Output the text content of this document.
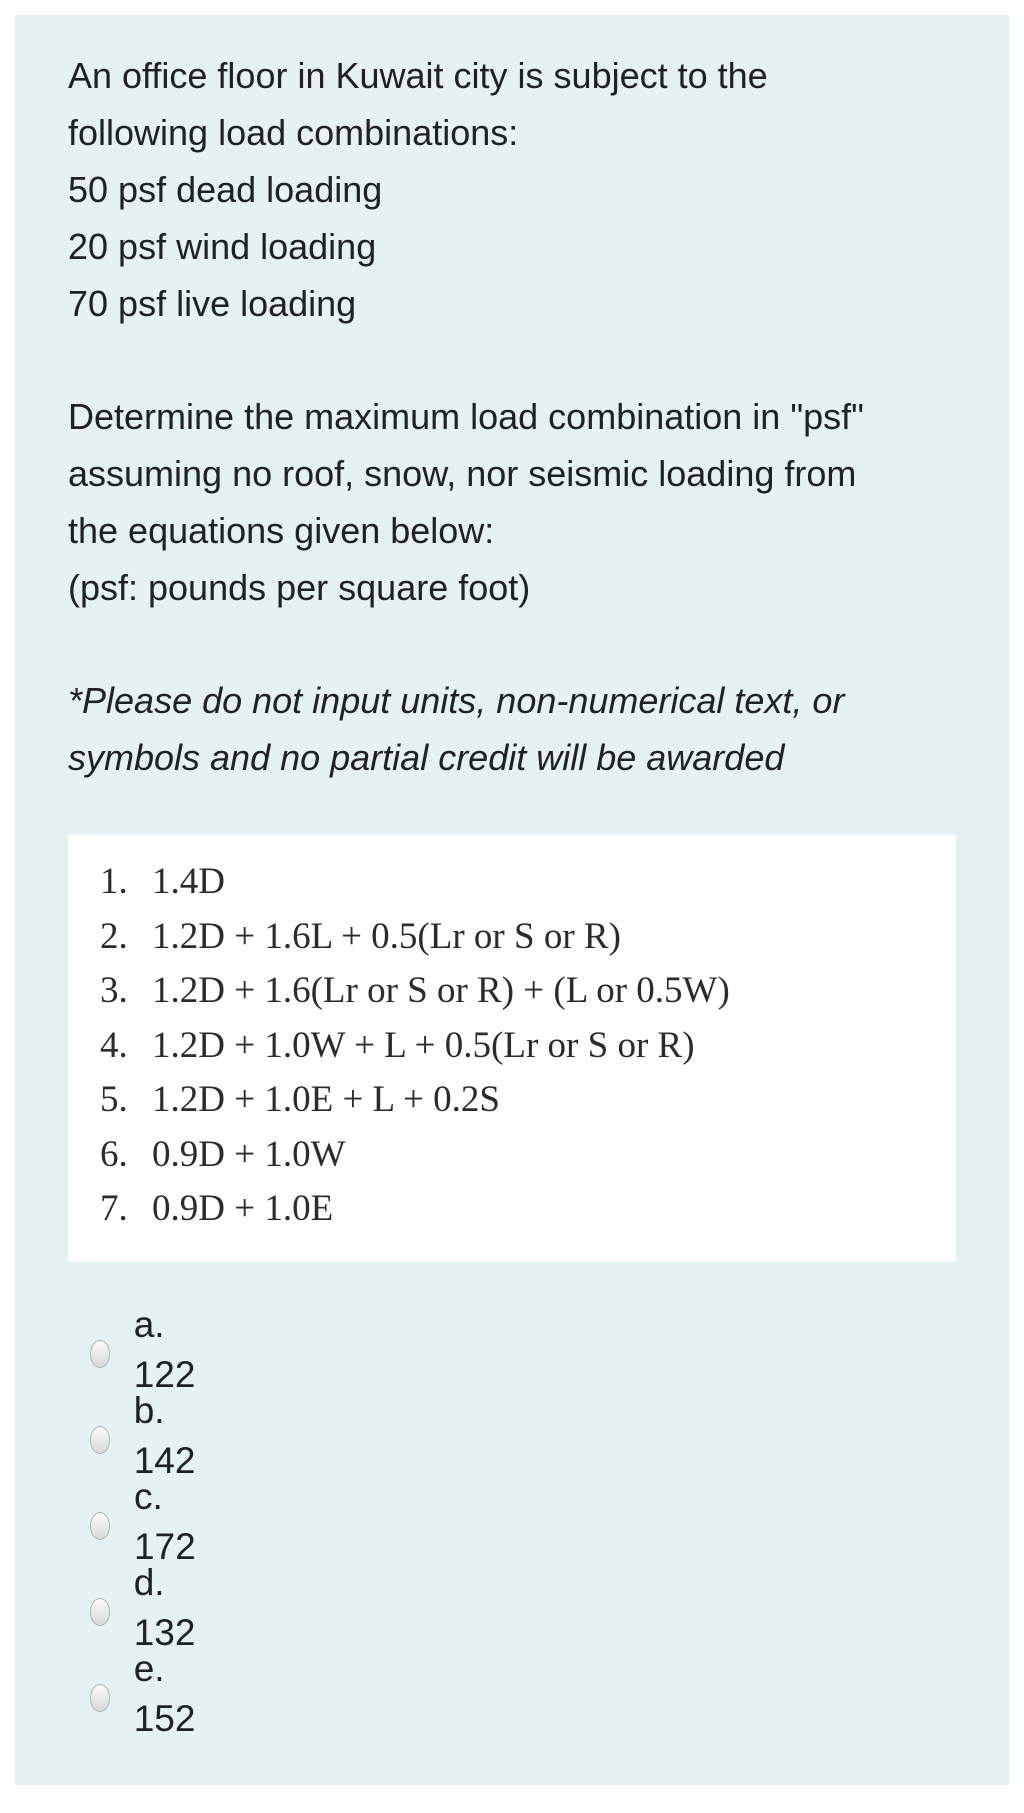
An office floor in Kuwait city is subject to the

following load combinations:

50 psf dead loading

20 psf wind loading

70 psf live loading

Determine the maximum load combination in "psf"

assuming no roof, snow, nor seismic loading from

the equations given below:

(psf: pounds per square foot)

*Please do not input units, non-numerical text, or

symbols and no partial credit will be awarded

1. 1.4D
2. 1.2D + 1.6L + 0.5(Lr or S or R)
3. 1.2D + 1.6(Lr or S or R) + (L or 0.5W)
4. 1.2D + 1.0W + L + 0.5(Lr or S or R)
5. 1.2D + 1.0E + L + 0.2S
6. 0.9D + 1.0W
7. 0.9D + 1.0E
a. 122
b. 142
c. 172
d. 132
e. 152
